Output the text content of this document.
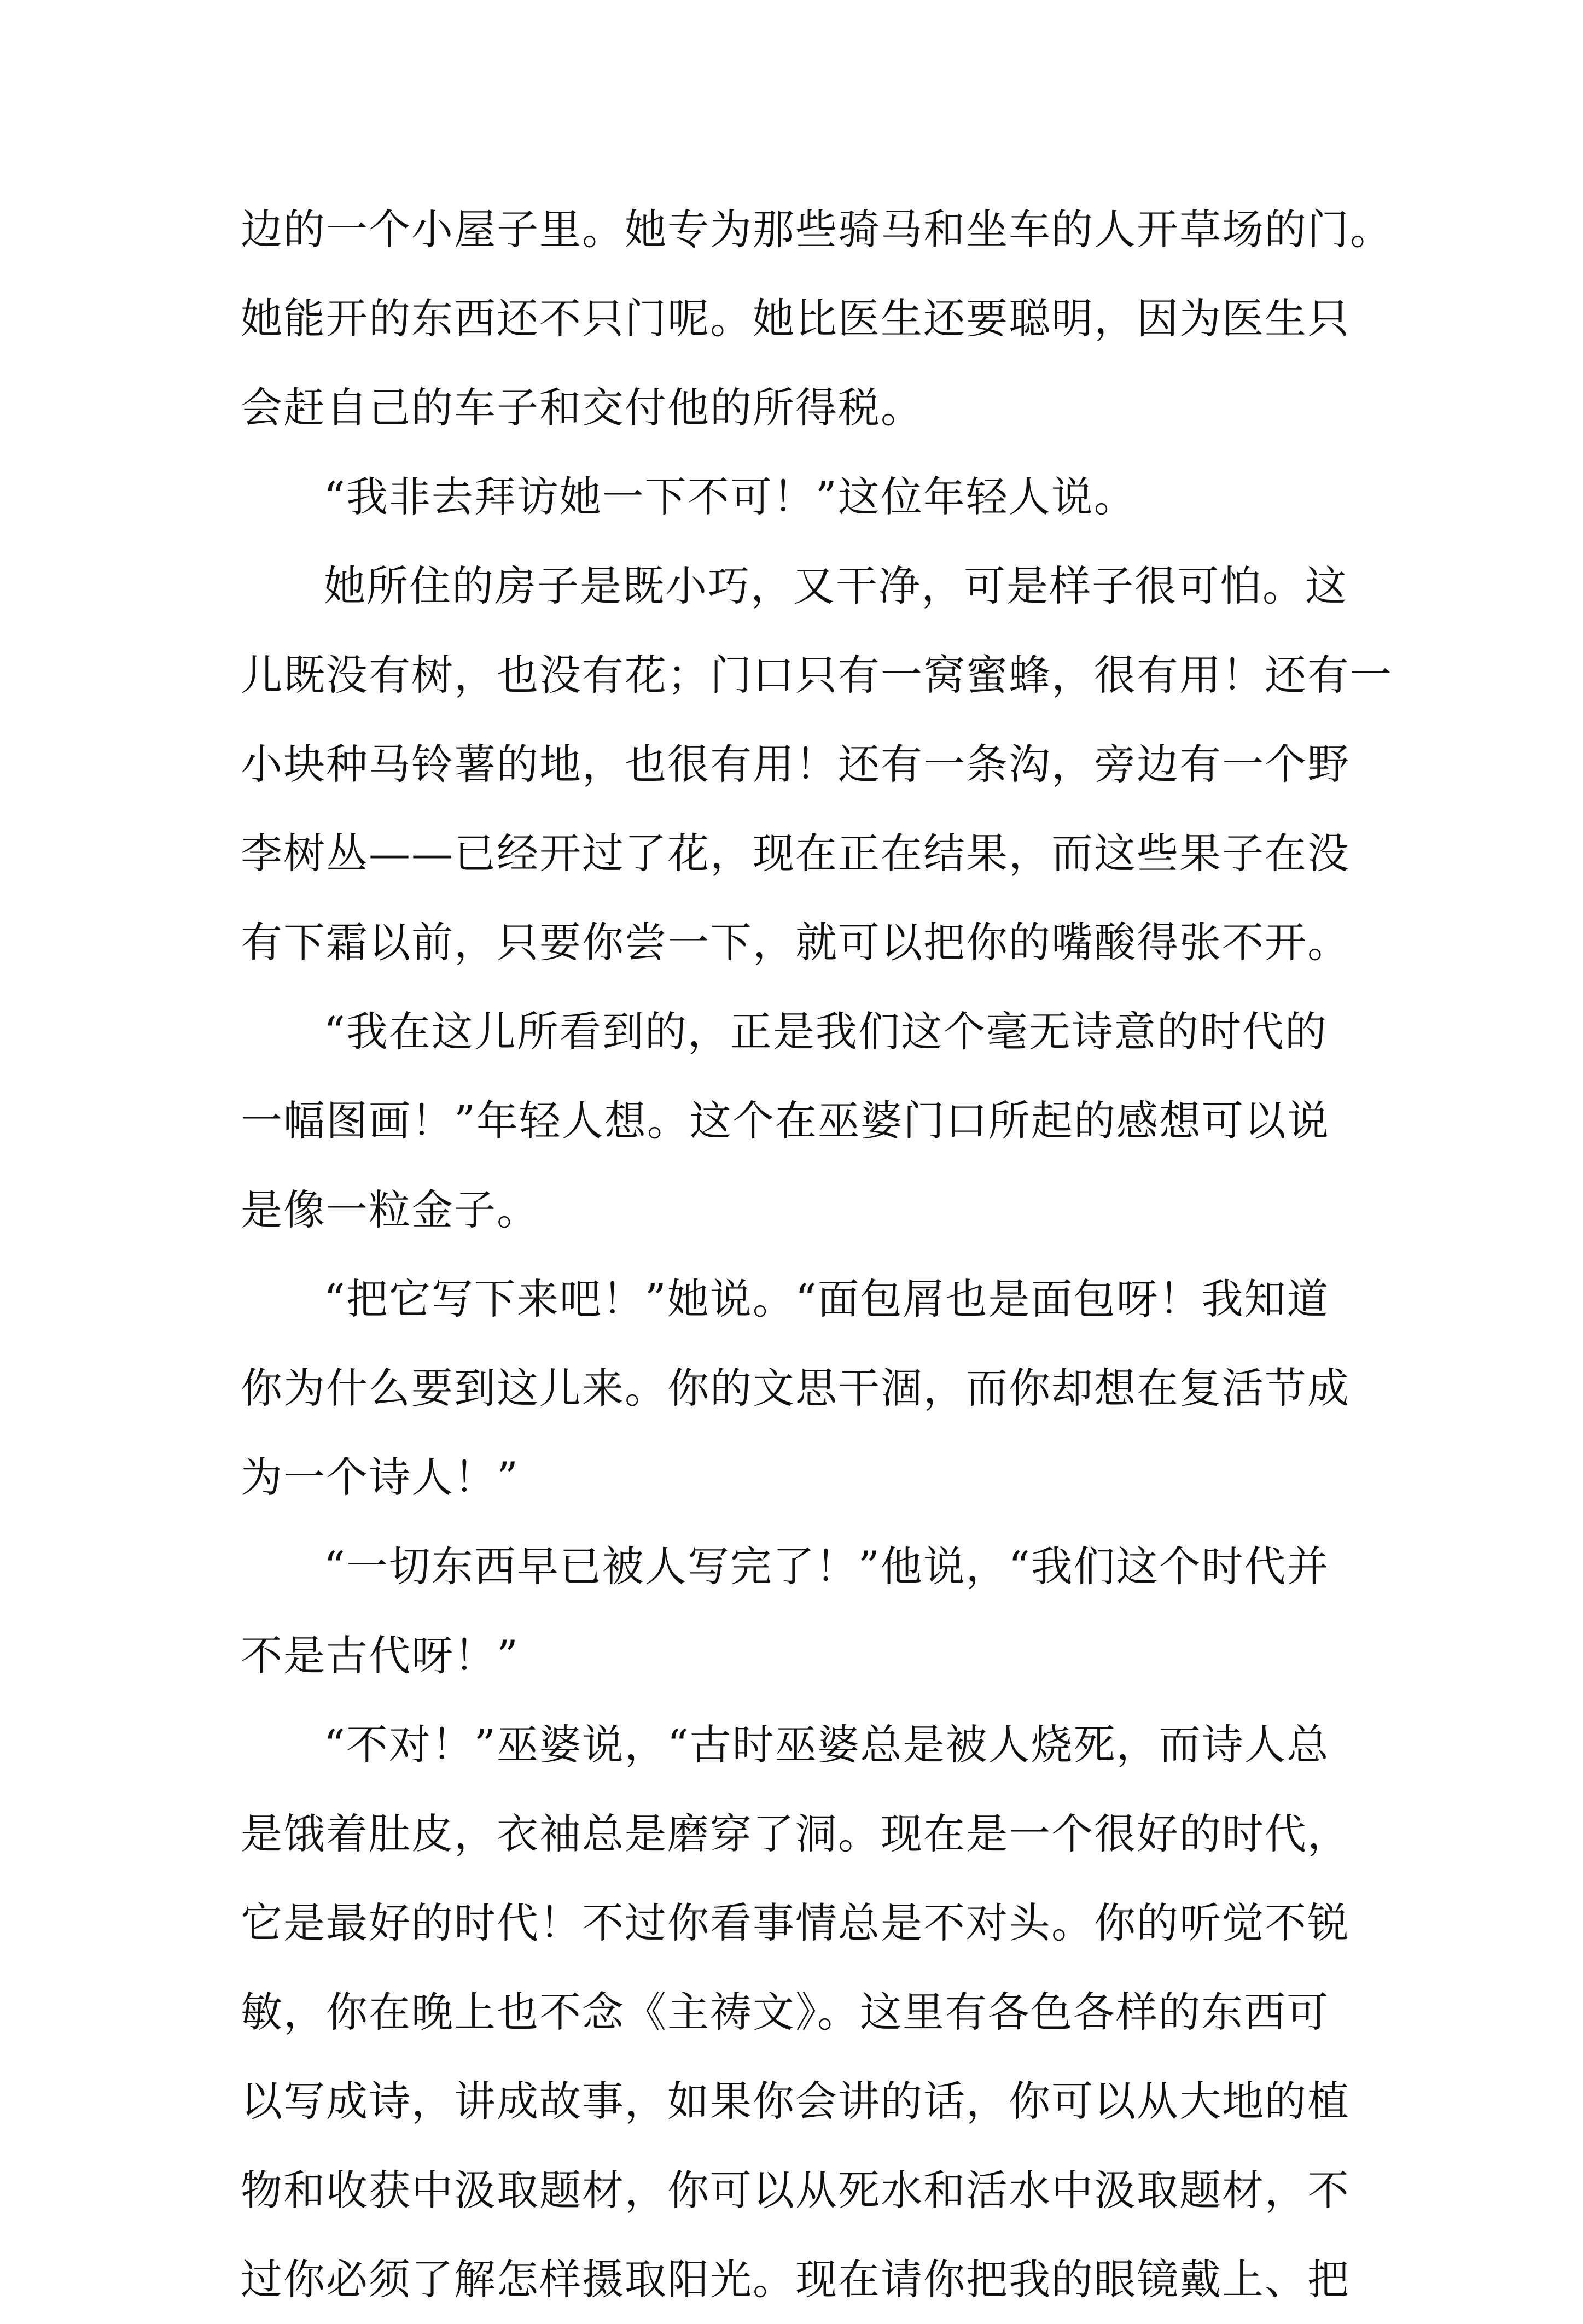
边的一个小屋子里。她专为那些骑马和坐车的人开草场的门。
她能开的东西还不只门呢。她比医生还要聪明，因为医生只
会赶自己的车子和交付他的所得税。
“我非去拜访她一下不可！”这位年轻人说。
她所住的房子是既小巧，又干净，可是样子很可怕。这
儿既没有树，也没有花；门口只有一窝蜜蜂，很有用！还有一
小块种马铃薯的地，也很有用！还有一条沟，旁边有一个野
李树丛——已经开过了花，现在正在结果，而这些果子在没
有下霜以前，只要你尝一下，就可以把你的嘴酸得张不开。
“我在这儿所看到的，正是我们这个毫无诗意的时代的
一幅图画！”年轻人想。这个在巫婆门口所起的感想可以说
是像一粒金子。
“把它写下来吧！”她说。“面包屑也是面包呀！我知道
你为什么要到这儿来。你的文思干涸，而你却想在复活节成
为一个诗人！”
“一切东西早已被人写完了！”他说，“我们这个时代并
不是古代呀！”
“不对！”巫婆说，“古时巫婆总是被人烧死，而诗人总
是饿着肚皮，衣袖总是磨穿了洞。现在是一个很好的时代，
它是最好的时代！不过你看事情总是不对头。你的听觉不锐
敏，你在晚上也不念《主祷文》。这里有各色各样的东西可
以写成诗，讲成故事，如果你会讲的话，你可以从大地的植
物和收获中汲取题材，你可以从死水和活水中汲取题材，不
过你必须了解怎样摄取阳光。现在请你把我的眼镜戴上、把
